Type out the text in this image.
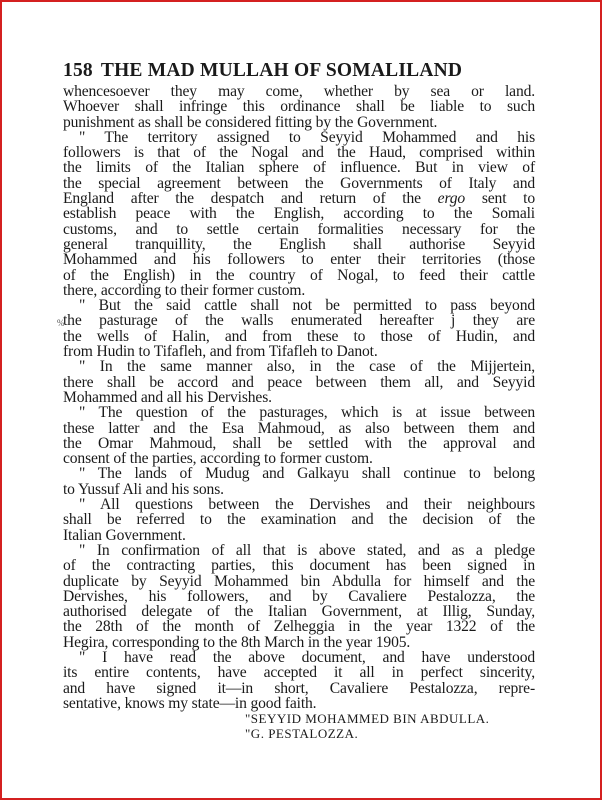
158 THE MAD MULLAH OF SOMALILAND
whencesoever they may come, whether by sea or land.
Whoever shall infringe this ordinance shall be liable to such
punishment as shall be considered fitting by the Government.
" The territory assigned to Seyyid Mohammed and his
followers is that of the Nogal and the Haud, comprised within
the limits of the Italian sphere of influence. But in view of
the special agreement between the Governments of Italy and
England after the despatch and return of the ergo sent to
establish peace with the English, according to the Somali
customs, and to settle certain formalities necessary for the
general tranquillity, the English shall authorise Seyyid
Mohammed and his followers to enter their territories (those
of the English) in the country of Nogal, to feed their cattle
there, according to their former custom.
" But the said cattle shall not be permitted to pass beyond
the pasturage of the walls enumerated hereafter j they are
%
the wells of Halin, and from these to those of Hudin, and
from Hudin to Tifafleh, and from Tifafleh to Danot.
" In the same manner also, in the case of the Mijjertein,
there shall be accord and peace between them all, and Seyyid
Mohammed and all his Dervishes.
" The question of the pasturages, which is at issue between
these latter and the Esa Mahmoud, as also between them and
the Omar Mahmoud, shall be settled with the approval and
consent of the parties, according to former custom.
" The lands of Mudug and Galkayu shall continue to belong
to Yussuf Ali and his sons.
" All questions between the Dervishes and their neighbours
shall be referred to the examination and the decision of the
Italian Government.
" In confirmation of all that is above stated, and as a pledge
of the contracting parties, this document has been signed in
duplicate by Seyyid Mohammed bin Abdulla for himself and the
Dervishes, his followers, and by Cavaliere Pestalozza, the
authorised delegate of the Italian Government, at Illig, Sunday,
the 28th of the month of Zelheggia in the year 1322 of the
Hegira, corresponding to the 8th March in the year 1905.
" I have read the above document, and have understood
its entire contents, have accepted it all in perfect sincerity,
and have signed it—in short, Cavaliere Pestalozza, repre-
sentative, knows my state—in good faith.
"SEYYID MOHAMMED BIN ABDULLA.
"G. PESTALOZZA.
